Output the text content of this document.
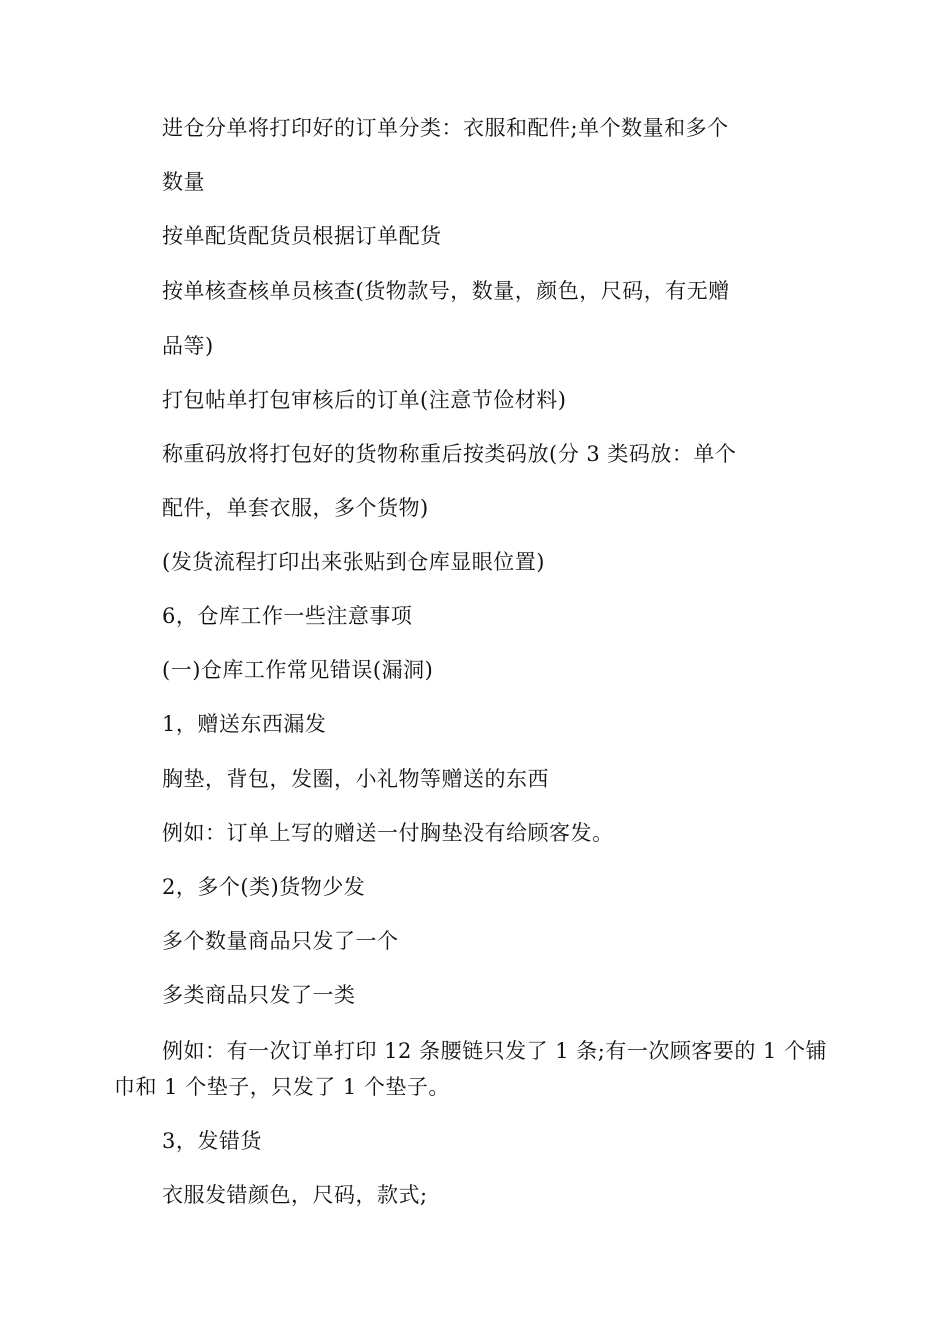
进仓分单将打印好的订单分类：衣服和配件;单个数量和多个
数量
按单配货配货员根据订单配货
按单核查核单员核查(货物款号，数量，颜色，尺码，有无赠
品等)
打包帖单打包审核后的订单(注意节俭材料)
称重码放将打包好的货物称重后按类码放(分 3 类码放：单个
配件，单套衣服，多个货物)
(发货流程打印出来张贴到仓库显眼位置)
6，仓库工作一些注意事项
(一)仓库工作常见错误(漏洞)
1，赠送东西漏发
胸垫，背包，发圈，小礼物等赠送的东西
例如：订单上写的赠送一付胸垫没有给顾客发。
2，多个(类)货物少发
多个数量商品只发了一个
多类商品只发了一类
例如：有一次订单打印 12 条腰链只发了 1 条;有一次顾客要的 1 个铺
巾和 1 个垫子，只发了 1 个垫子。
3，发错货
衣服发错颜色，尺码，款式;
